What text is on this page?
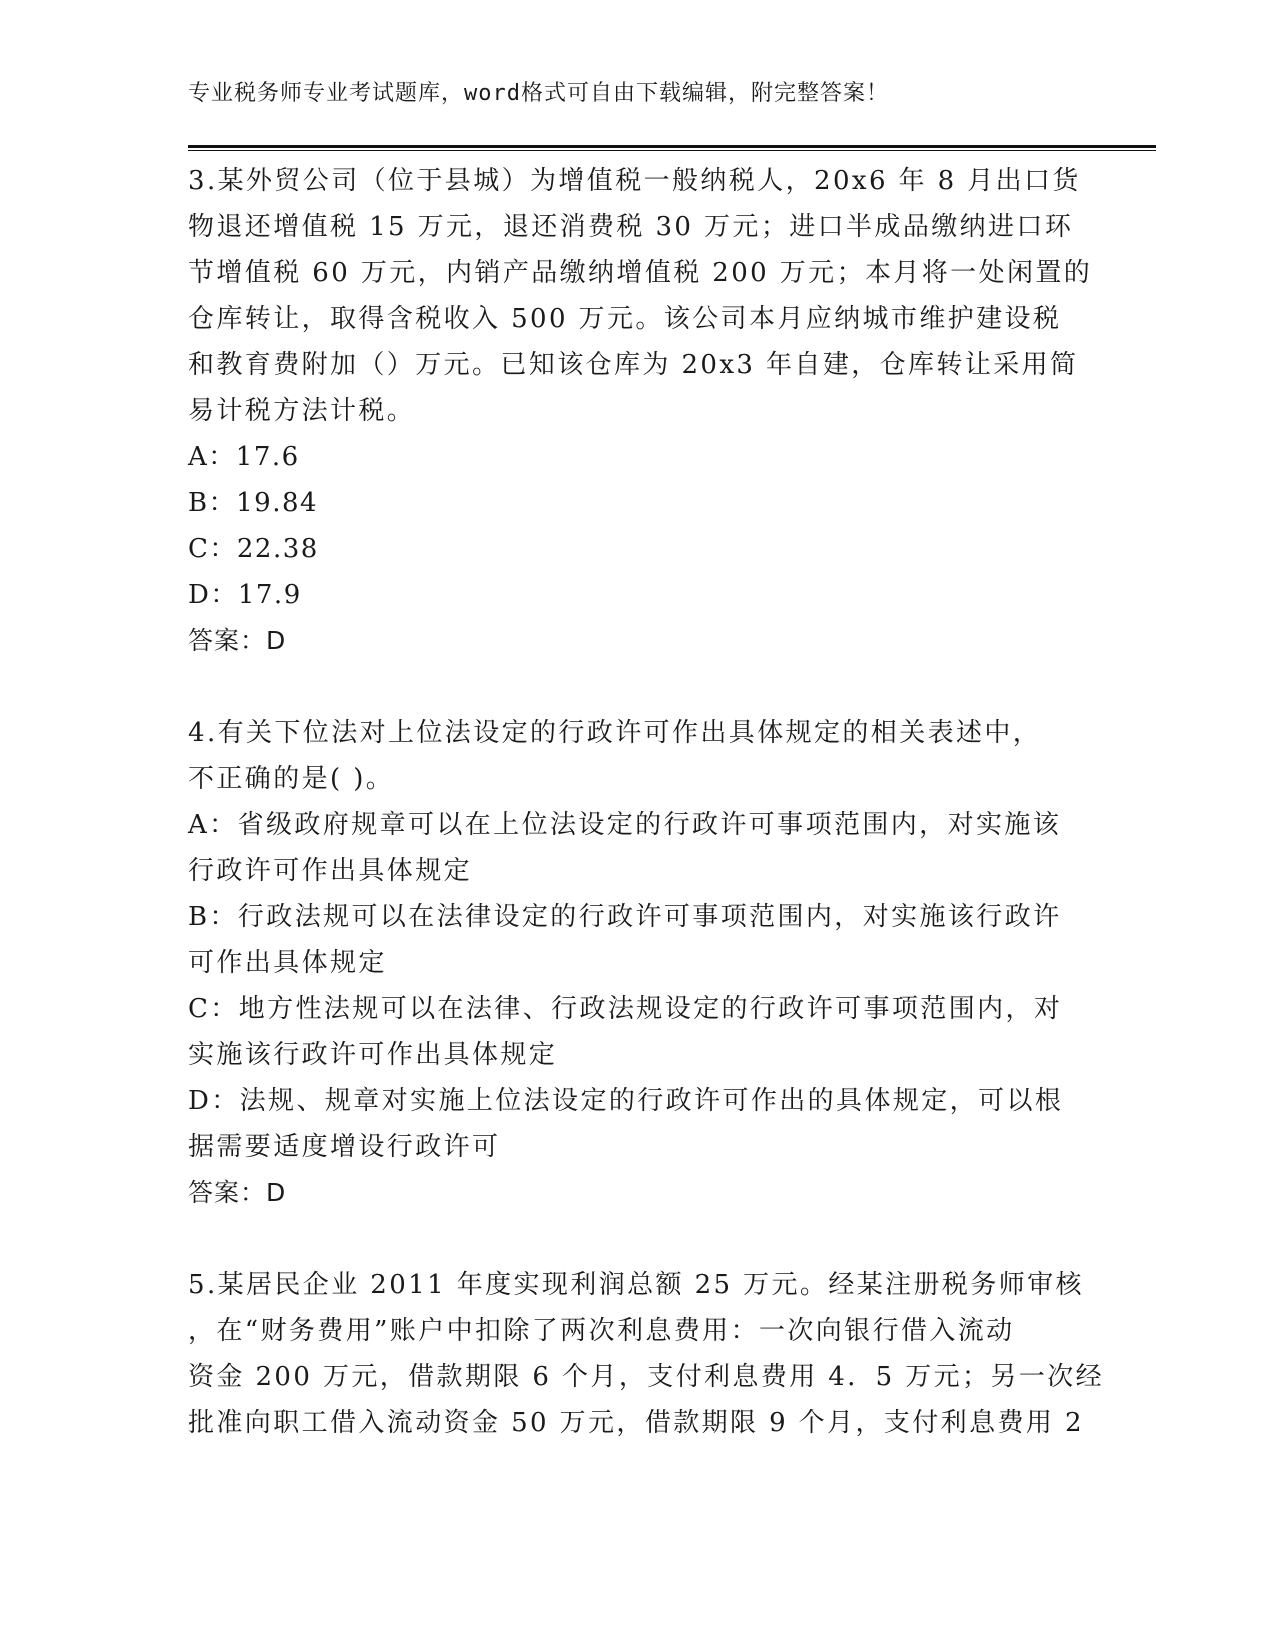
专业税务师专业考试题库，word格式可自由下载编辑，附完整答案！
3.某外贸公司（位于县城）为增值税一般纳税人，20x6 年 8 月出口货
物退还增值税 15 万元，退还消费税 30 万元；进口半成品缴纳进口环
节增值税 60 万元，内销产品缴纳增值税 200 万元；本月将一处闲置的
仓库转让，取得含税收入 500 万元。该公司本月应纳城市维护建设税
和教育费附加（）万元。已知该仓库为 20x3 年自建，仓库转让采用简
易计税方法计税。
A：17.6
B：19.84
C：22.38
D：17.9
答案：D
4.有关下位法对上位法设定的行政许可作出具体规定的相关表述中，
不正确的是( )。
A：省级政府规章可以在上位法设定的行政许可事项范围内，对实施该
行政许可作出具体规定
B：行政法规可以在法律设定的行政许可事项范围内，对实施该行政许
可作出具体规定
C：地方性法规可以在法律、行政法规设定的行政许可事项范围内，对
实施该行政许可作出具体规定
D：法规、规章对实施上位法设定的行政许可作出的具体规定，可以根
据需要适度增设行政许可
答案：D
5.某居民企业 2011 年度实现利润总额 25 万元。经某注册税务师审核
，在“财务费用”账户中扣除了两次利息费用：一次向银行借入流动
资金 200 万元，借款期限 6 个月，支付利息费用 4．5 万元；另一次经
批准向职工借入流动资金 50 万元，借款期限 9 个月，支付利息费用 2
